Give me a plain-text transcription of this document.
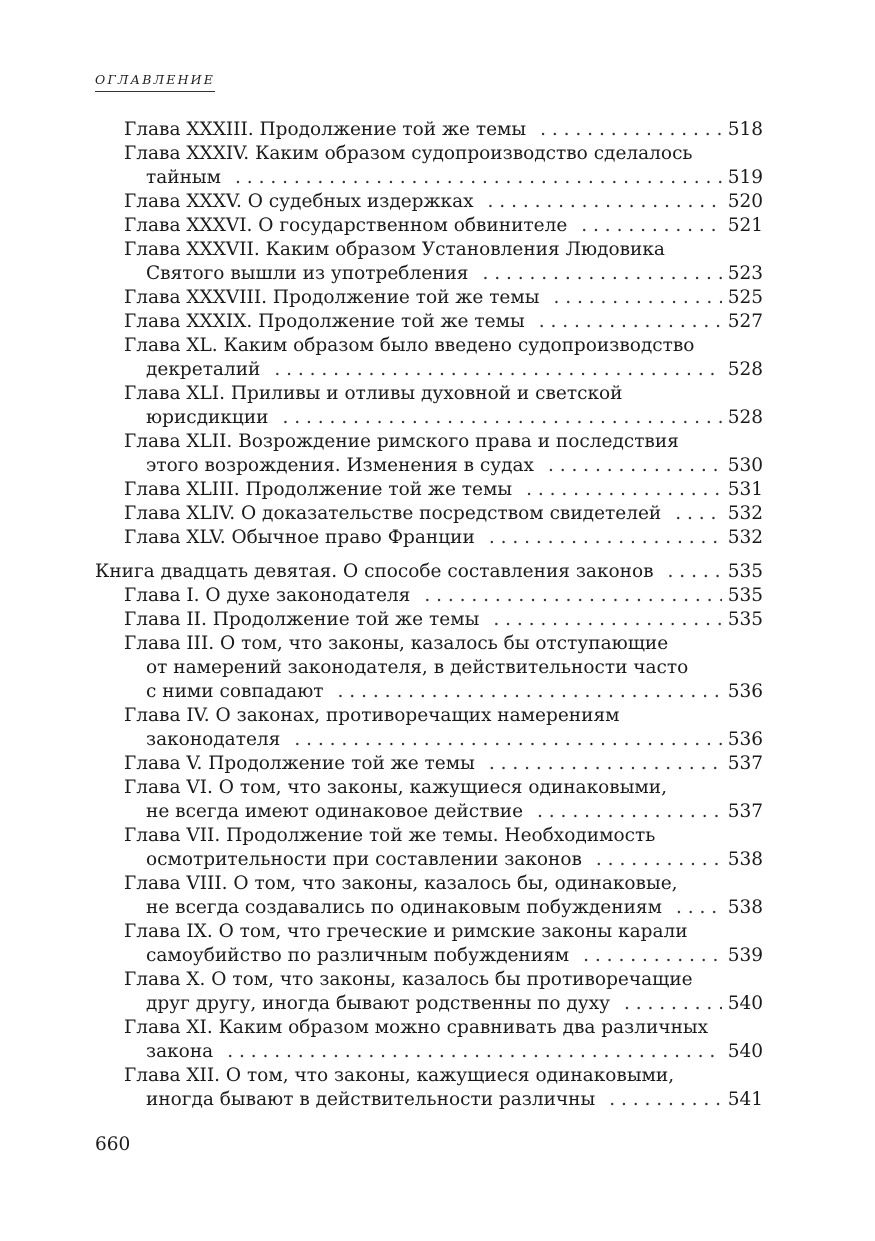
ОГЛАВЛЕНИЕ
Глава XXXIII. Продолжение той же темы . . .	518
Глава XXXIV. Каким образом судопроизводство сделалось
тайным . . .	519
Глава XXXV. О судебных издержках . . .	520
Глава XXXVI. О государственном обвинителе . . .	521
Глава XXXVII. Каким образом Установления Людовика
Святого вышли из употребления . . .	523
Глава XXXVIII. Продолжение той же темы . . .	525
Глава XXXIX. Продолжение той же темы . . .	527
Глава XL. Каким образом было введено судопроизводство
декреталий . . .	528
Глава XLI. Приливы и отливы духовной и светской
юрисдикции . . .	528
Глава XLII. Возрождение римского права и последствия
этого возрождения. Изменения в судах . . .	530
Глава XLIII. Продолжение той же темы . . .	531
Глава XLIV. О доказательстве посредством свидетелей . . .	532
Глава XLV. Обычное право Франции . . .	532
Книга двадцать девятая. О способе составления законов . . .	535
Глава I. О духе законодателя . . .	535
Глава II. Продолжение той же темы . . .	535
Глава III. О том, что законы, казалось бы отступающие
от намерений законодателя, в действительности часто
с ними совпадают . . .	536
Глава IV. О законах, противоречащих намерениям
законодателя . . .	536
Глава V. Продолжение той же темы . . .	537
Глава VI. О том, что законы, кажущиеся одинаковыми,
не всегда имеют одинаковое действие . . .	537
Глава VII. Продолжение той же темы. Необходимость
осмотрительности при составлении законов . . .	538
Глава VIII. О том, что законы, казалось бы, одинаковые,
не всегда создавались по одинаковым побуждениям . . .	538
Глава IX. О том, что греческие и римские законы карали
самоубийство по различным побуждениям . . .	539
Глава X. О том, что законы, казалось бы противоречащие
друг другу, иногда бывают родственны по духу . . .	540
Глава XI. Каким образом можно сравнивать два различных
закона . . .	540
Глава XII. О том, что законы, кажущиеся одинаковыми,
иногда бывают в действительности различны . . .	541
660
